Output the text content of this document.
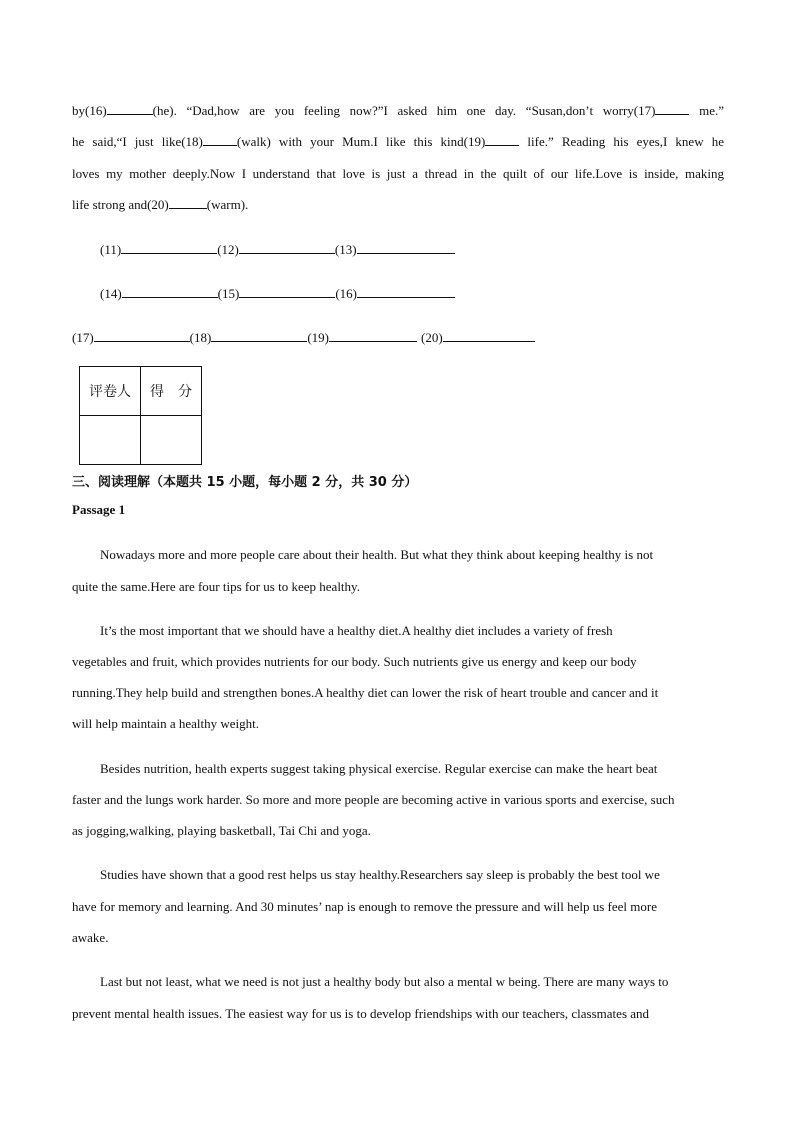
by(16)	(he). “Dad,how are you feeling now?”I asked him one day. “Susan,don’t worry(17)	me.”
he said,“I just like(18)	(walk) with your Mum.I like this kind(19)	life.” Reading his eyes,I knew he
loves my mother deeply.Now I understand that love is just a thread in the quilt of our life.Love is inside, making
life strong and(20)	(warm).
(11)	(12)	(13)
(14)	(15)	(16)
(17)	(18)	(19)	(20)
评卷人	得　分

三、阅读理解（本题共 15 小题，每小题 2 分，共 30 分）
Passage 1
Nowadays more and more people care about their health. But what they think about keeping healthy is not
quite the same.Here are four tips for us to keep healthy.
It’s the most important that we should have a healthy diet.A healthy diet includes a variety of fresh
vegetables and fruit, which provides nutrients for our body. Such nutrients give us energy and keep our body
running.They help build and strengthen bones.A healthy diet can lower the risk of heart trouble and cancer and it
will help maintain a healthy weight.
Besides nutrition, health experts suggest taking physical exercise. Regular exercise can make the heart beat
faster and the lungs work harder. So more and more people are becoming active in various sports and exercise, such
as jogging,walking, playing basketball, Tai Chi and yoga.
Studies have shown that a good rest helps us stay healthy.Researchers say sleep is probably the best tool we
have for memory and learning. And 30 minutes’ nap is enough to remove the pressure and will help us feel more
awake.
Last but not least, what we need is not just a healthy body but also a mental w being. There are many ways to
prevent mental health issues. The easiest way for us is to develop friendships with our teachers, classmates and
